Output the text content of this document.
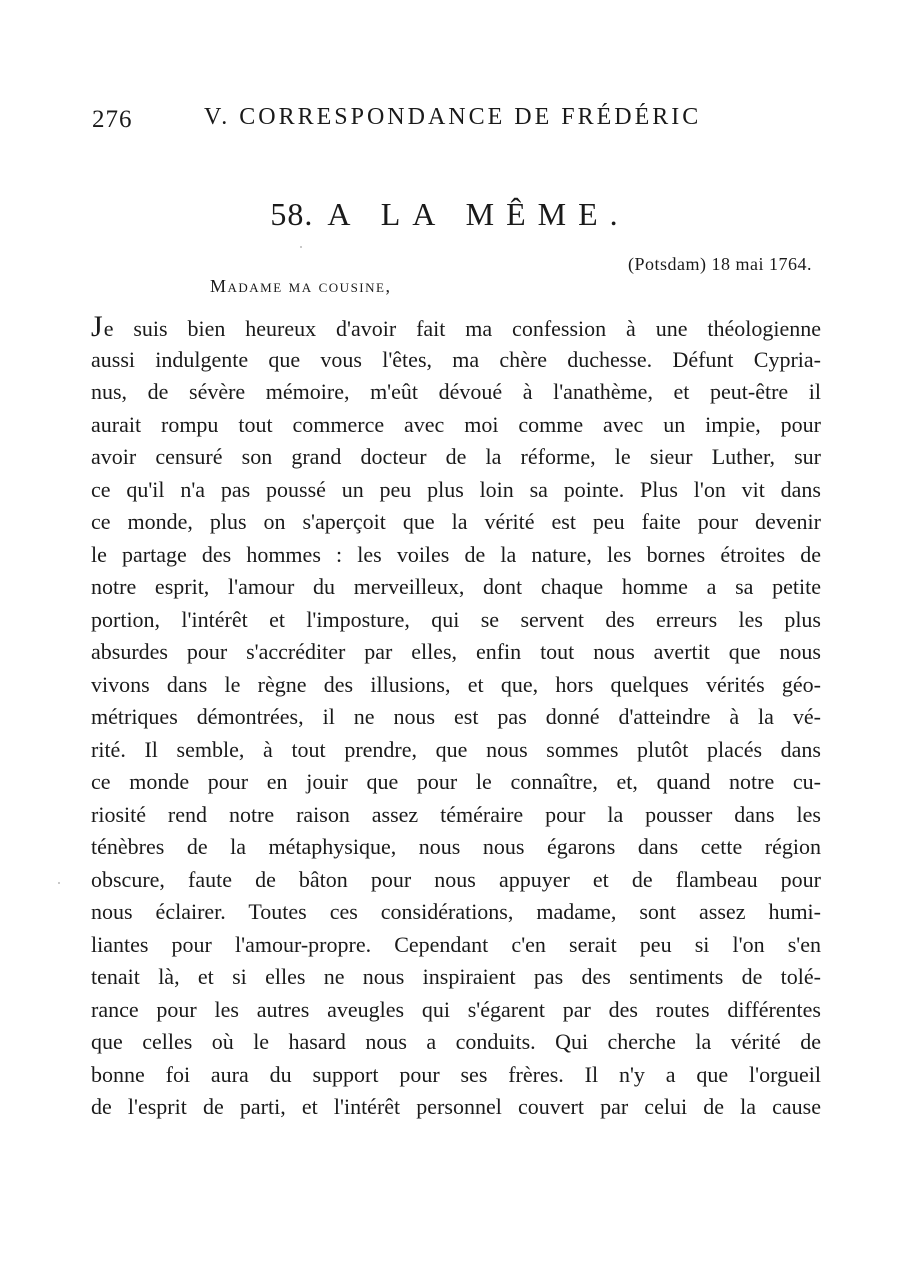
276	V. CORRESPONDANCE DE FRÉDÉRIC
58. A LA MÊME.
(Potsdam) 18 mai 1764.
Madame ma cousine,
Je suis bien heureux d'avoir fait ma confession à une théologienne
aussi indulgente que vous l'êtes, ma chère duchesse. Défunt Cypria-
nus, de sévère mémoire, m'eût dévoué à l'anathème, et peut-être il
aurait rompu tout commerce avec moi comme avec un impie, pour
avoir censuré son grand docteur de la réforme, le sieur Luther, sur
ce qu'il n'a pas poussé un peu plus loin sa pointe. Plus l'on vit dans
ce monde, plus on s'aperçoit que la vérité est peu faite pour devenir
le partage des hommes : les voiles de la nature, les bornes étroites de
notre esprit, l'amour du merveilleux, dont chaque homme a sa petite
portion, l'intérêt et l'imposture, qui se servent des erreurs les plus
absurdes pour s'accréditer par elles, enfin tout nous avertit que nous
vivons dans le règne des illusions, et que, hors quelques vérités géo-
métriques démontrées, il ne nous est pas donné d'atteindre à la vé-
rité. Il semble, à tout prendre, que nous sommes plutôt placés dans
ce monde pour en jouir que pour le connaître, et, quand notre cu-
riosité rend notre raison assez téméraire pour la pousser dans les
ténèbres de la métaphysique, nous nous égarons dans cette région
obscure, faute de bâton pour nous appuyer et de flambeau pour
nous éclairer. Toutes ces considérations, madame, sont assez humi-
liantes pour l'amour-propre. Cependant c'en serait peu si l'on s'en
tenait là, et si elles ne nous inspiraient pas des sentiments de tolé-
rance pour les autres aveugles qui s'égarent par des routes différentes
que celles où le hasard nous a conduits. Qui cherche la vérité de
bonne foi aura du support pour ses frères. Il n'y a que l'orgueil
de l'esprit de parti, et l'intérêt personnel couvert par celui de la cause
